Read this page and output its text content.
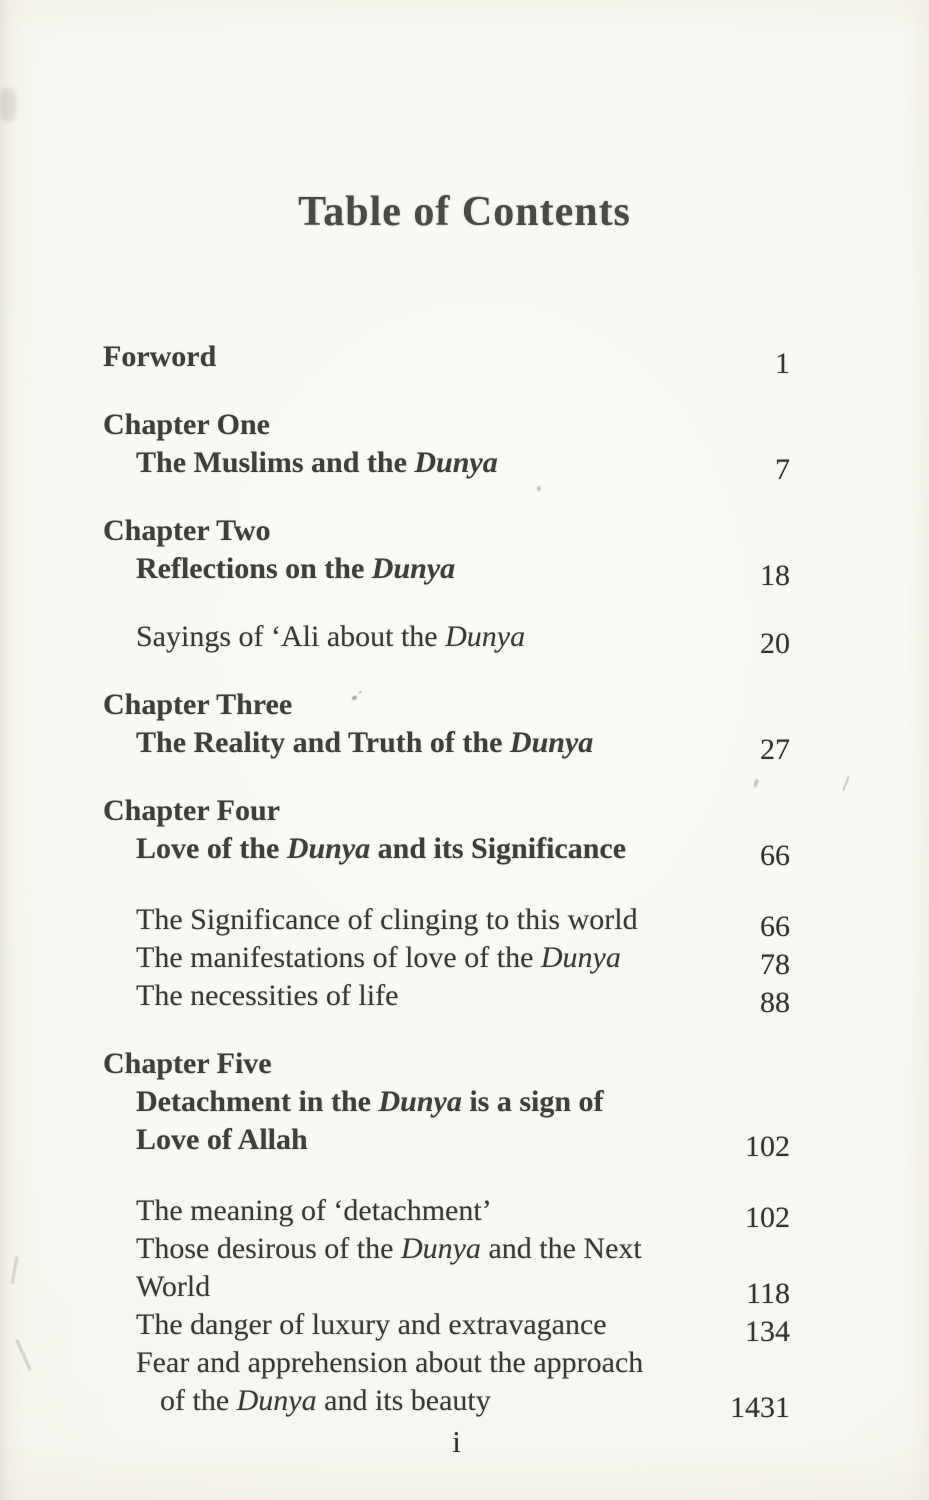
Table of Contents
Forword	1
Chapter One
The Muslims and the Dunya	7
Chapter Two
Reflections on the Dunya	18
Sayings of ‘Ali about the Dunya	20
Chapter Three
The Reality and Truth of the Dunya	27
Chapter Four
Love of the Dunya and its Significance	66
The Significance of clinging to this world	66
The manifestations of love of the Dunya	78
The necessities of life	88
Chapter Five
Detachment in the Dunya is a sign of
Love of Allah	102
The meaning of ‘detachment’	102
Those desirous of the Dunya and the Next World	118
The danger of luxury and extravagance	134
Fear and apprehension about the approach
of the Dunya and its beauty	1431
i
